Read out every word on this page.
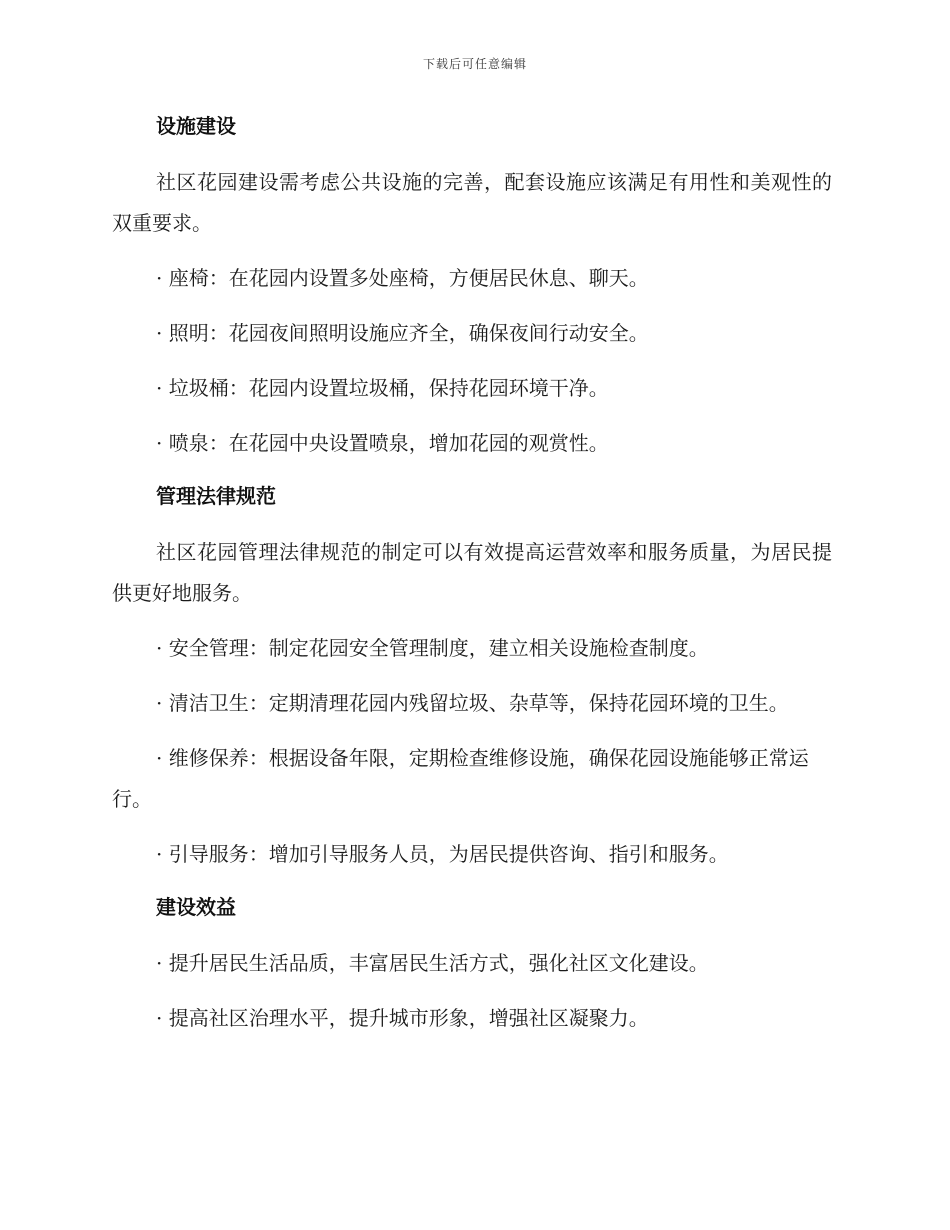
下载后可任意编辑
设施建设

社区花园建设需考虑公共设施的完善，配套设施应该满足有用性和美观性的双重要求。

· 座椅：在花园内设置多处座椅，方便居民休息、聊天。

· 照明：花园夜间照明设施应齐全，确保夜间行动安全。

· 垃圾桶：花园内设置垃圾桶，保持花园环境干净。

· 喷泉：在花园中央设置喷泉，增加花园的观赏性。

管理法律规范

社区花园管理法律规范的制定可以有效提高运营效率和服务质量，为居民提供更好地服务。

· 安全管理：制定花园安全管理制度，建立相关设施检查制度。

· 清洁卫生：定期清理花园内残留垃圾、杂草等，保持花园环境的卫生。

· 维修保养：根据设备年限，定期检查维修设施，确保花园设施能够正常运行。

· 引导服务：增加引导服务人员，为居民提供咨询、指引和服务。

建设效益

· 提升居民生活品质，丰富居民生活方式，强化社区文化建设。

· 提高社区治理水平，提升城市形象，增强社区凝聚力。
